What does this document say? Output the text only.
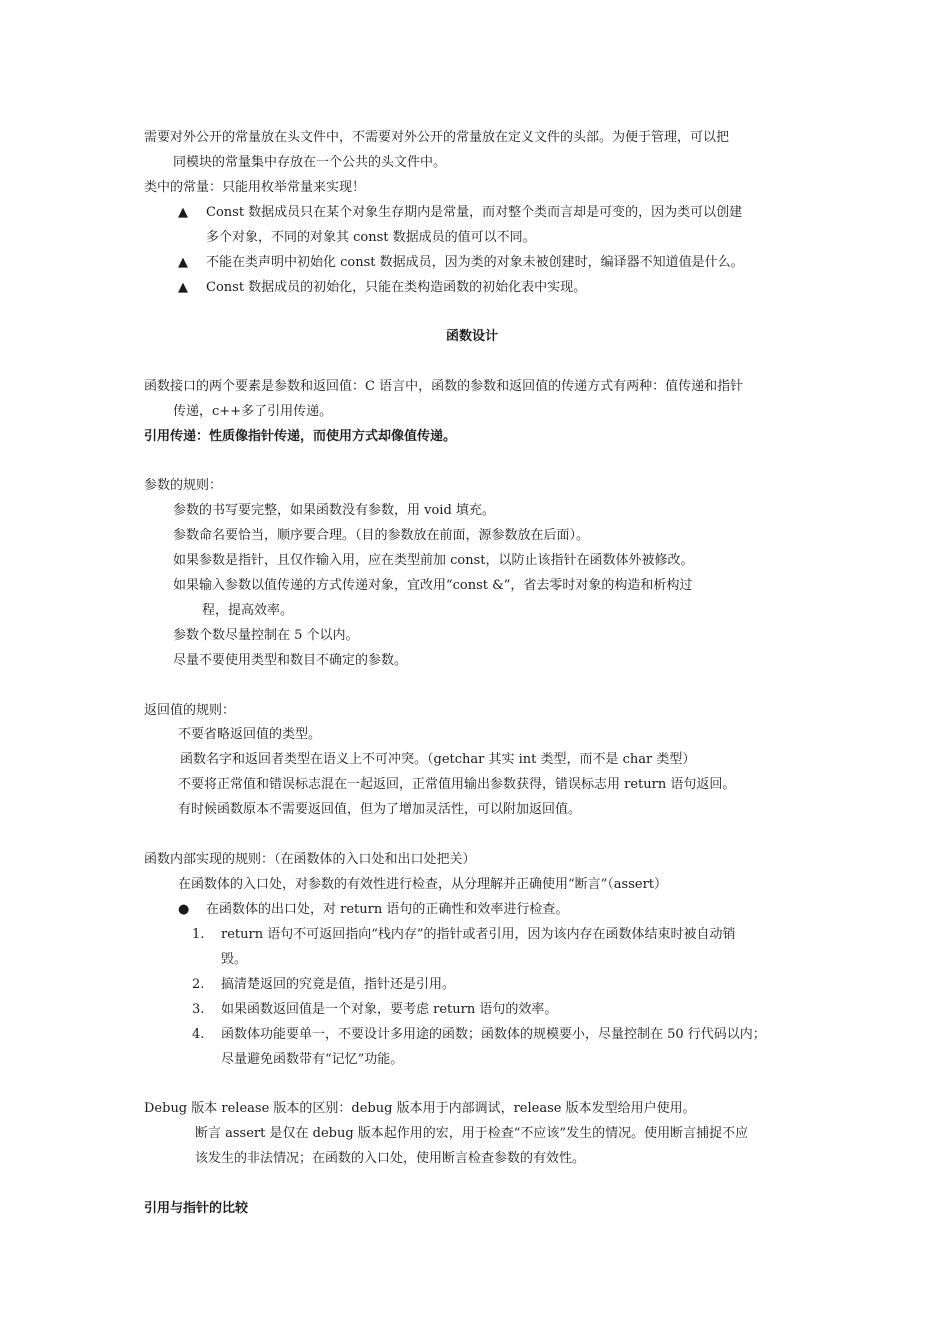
需要对外公开的常量放在头文件中，不需要对外公开的常量放在定义文件的头部。为便于管理，可以把
同模块的常量集中存放在一个公共的头文件中。
类中的常量：只能用枚举常量来实现！
▲ Const 数据成员只在某个对象生存期内是常量，而对整个类而言却是可变的，因为类可以创建
多个对象，不同的对象其 const 数据成员的值可以不同。
▲ 不能在类声明中初始化 const 数据成员，因为类的对象未被创建时，编译器不知道值是什么。
▲ Const 数据成员的初始化，只能在类构造函数的初始化表中实现。
函数设计
函数接口的两个要素是参数和返回值：C 语言中，函数的参数和返回值的传递方式有两种：值传递和指针
传递，c++多了引用传递。
引用传递：性质像指针传递，而使用方式却像值传递。
参数的规则：
参数的书写要完整，如果函数没有参数，用 void 填充。
参数命名要恰当，顺序要合理。（目的参数放在前面，源参数放在后面）。
如果参数是指针，且仅作输入用，应在类型前加 const，以防止该指针在函数体外被修改。
如果输入参数以值传递的方式传递对象，宜改用“const &”，省去零时对象的构造和析构过
程，提高效率。
参数个数尽量控制在 5 个以内。
尽量不要使用类型和数目不确定的参数。
返回值的规则：
不要省略返回值的类型。
函数名字和返回者类型在语义上不可冲突。（getchar 其实 int 类型，而不是 char 类型）
不要将正常值和错误标志混在一起返回，正常值用输出参数获得，错误标志用 return 语句返回。
有时候函数原本不需要返回值，但为了增加灵活性，可以附加返回值。
函数内部实现的规则：（在函数体的入口处和出口处把关）
在函数体的入口处，对参数的有效性进行检查，从分理解并正确使用“断言”（assert）
● 在函数体的出口处，对 return 语句的正确性和效率进行检查。
1. return 语句不可返回指向“栈内存”的指针或者引用，因为该内存在函数体结束时被自动销
毁。
2. 搞清楚返回的究竟是值，指针还是引用。
3. 如果函数返回值是一个对象，要考虑 return 语句的效率。
4. 函数体功能要单一，不要设计多用途的函数；函数体的规模要小，尽量控制在 50 行代码以内；
尽量避免函数带有“记忆”功能。
Debug 版本 release 版本的区别：debug 版本用于内部调试，release 版本发型给用户使用。
断言 assert 是仅在 debug 版本起作用的宏，用于检查“不应该”发生的情况。使用断言捕捉不应
该发生的非法情况；在函数的入口处，使用断言检查参数的有效性。
引用与指针的比较
